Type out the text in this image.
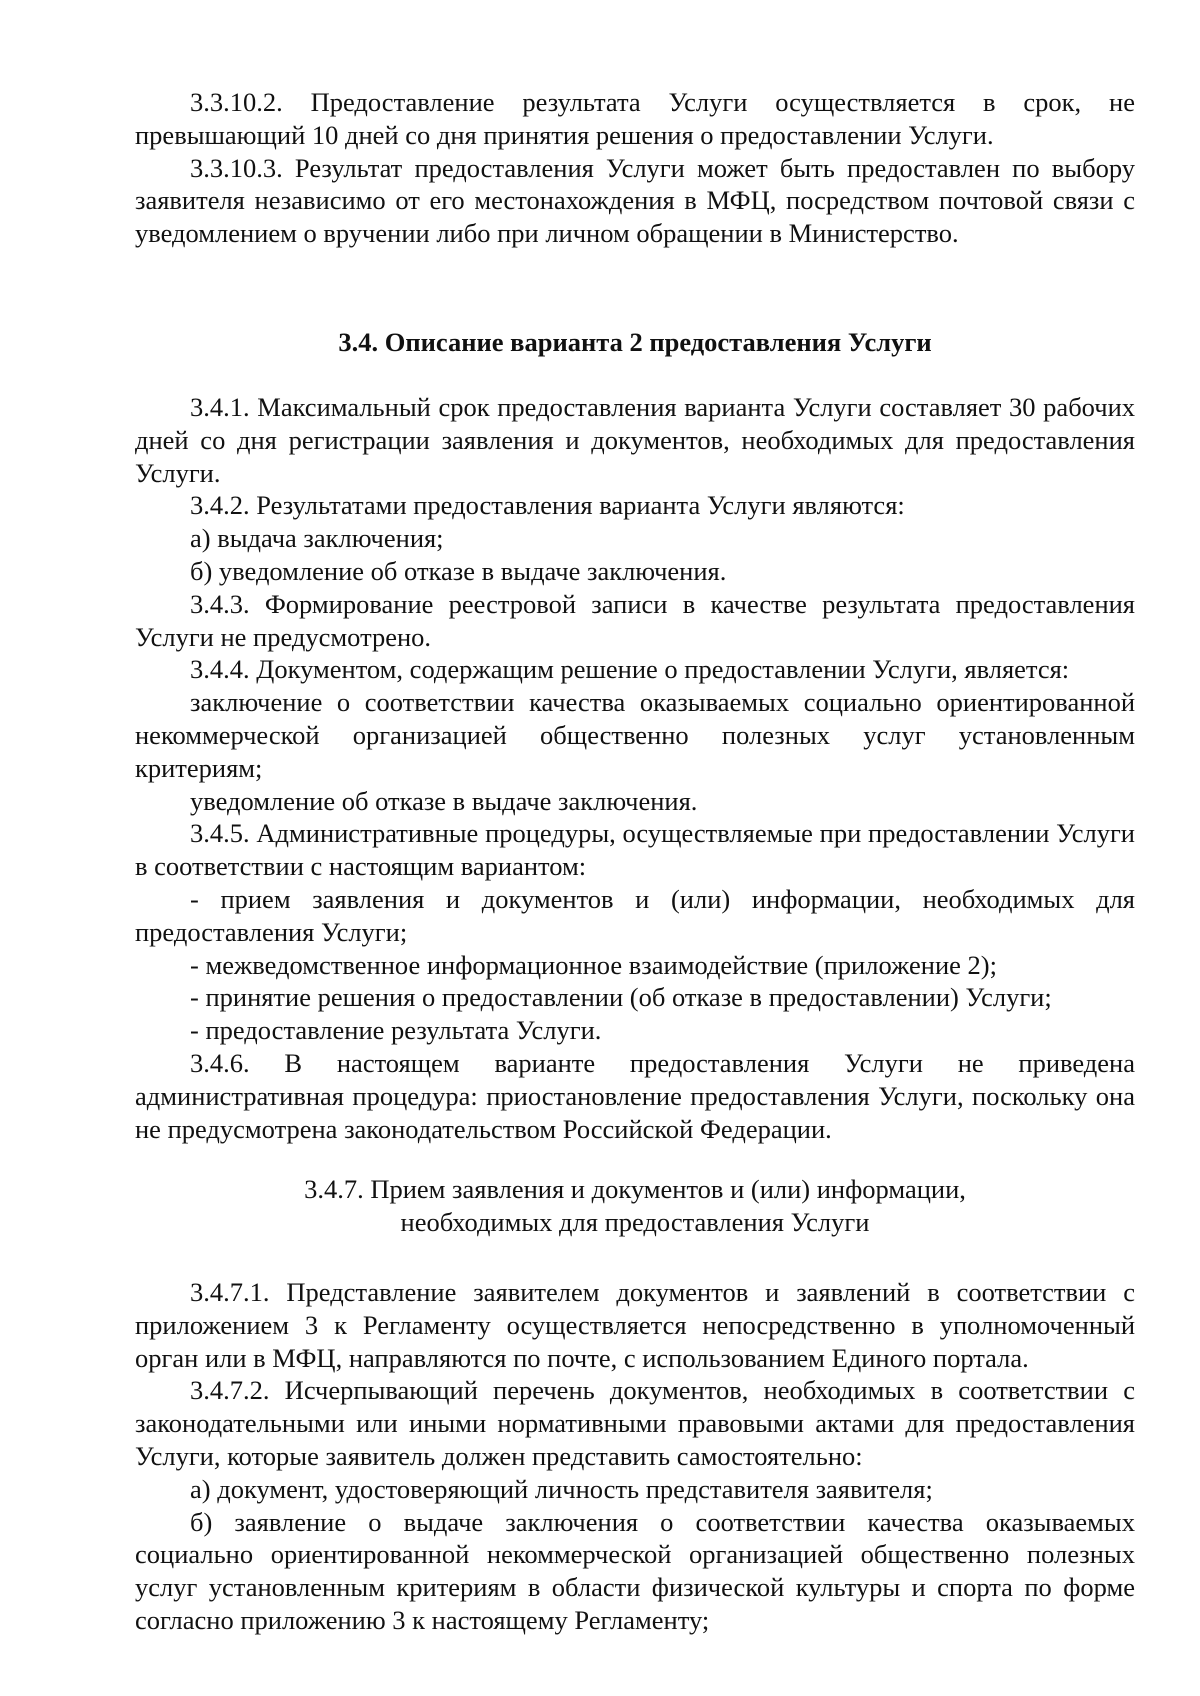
3.3.10.2. Предоставление результата Услуги осуществляется в срок, не превышающий 10 дней со дня принятия решения о предоставлении Услуги.

3.3.10.3. Результат предоставления Услуги может быть предоставлен по выбору заявителя независимо от его местонахождения в МФЦ, посредством почтовой связи с уведомлением о вручении либо при личном обращении в Министерство.

3.4. Описание варианта 2 предоставления Услуги

3.4.1. Максимальный срок предоставления варианта Услуги составляет 30 рабочих дней со дня регистрации заявления и документов, необходимых для предоставления Услуги.

3.4.2. Результатами предоставления варианта Услуги являются:

а) выдача заключения;

б) уведомление об отказе в выдаче заключения.

3.4.3. Формирование реестровой записи в качестве результата предоставления Услуги не предусмотрено.

3.4.4. Документом, содержащим решение о предоставлении Услуги, является:

заключение о соответствии качества оказываемых социально ориентированной некоммерческой организацией общественно полезных услуг установленным критериям;

уведомление об отказе в выдаче заключения.

3.4.5. Административные процедуры, осуществляемые при предоставлении Услуги в соответствии с настоящим вариантом:

- прием заявления и документов и (или) информации, необходимых для предоставления Услуги;

- межведомственное информационное взаимодействие (приложение 2);

- принятие решения о предоставлении (об отказе в предоставлении) Услуги;

- предоставление результата Услуги.

3.4.6. В настоящем варианте предоставления Услуги не приведена административная процедура: приостановление предоставления Услуги, поскольку она не предусмотрена законодательством Российской Федерации.

3.4.7. Прием заявления и документов и (или) информации,
необходимых для предоставления Услуги

3.4.7.1. Представление заявителем документов и заявлений в соответствии с приложением 3 к Регламенту осуществляется непосредственно в уполномоченный орган или в МФЦ, направляются по почте, с использованием Единого портала.

3.4.7.2. Исчерпывающий перечень документов, необходимых в соответствии с законодательными или иными нормативными правовыми актами для предоставления Услуги, которые заявитель должен представить самостоятельно:

а) документ, удостоверяющий личность представителя заявителя;

б) заявление о выдаче заключения о соответствии качества оказываемых социально ориентированной некоммерческой организацией общественно полезных услуг установленным критериям в области физической культуры и спорта по форме согласно приложению 3 к настоящему Регламенту;
